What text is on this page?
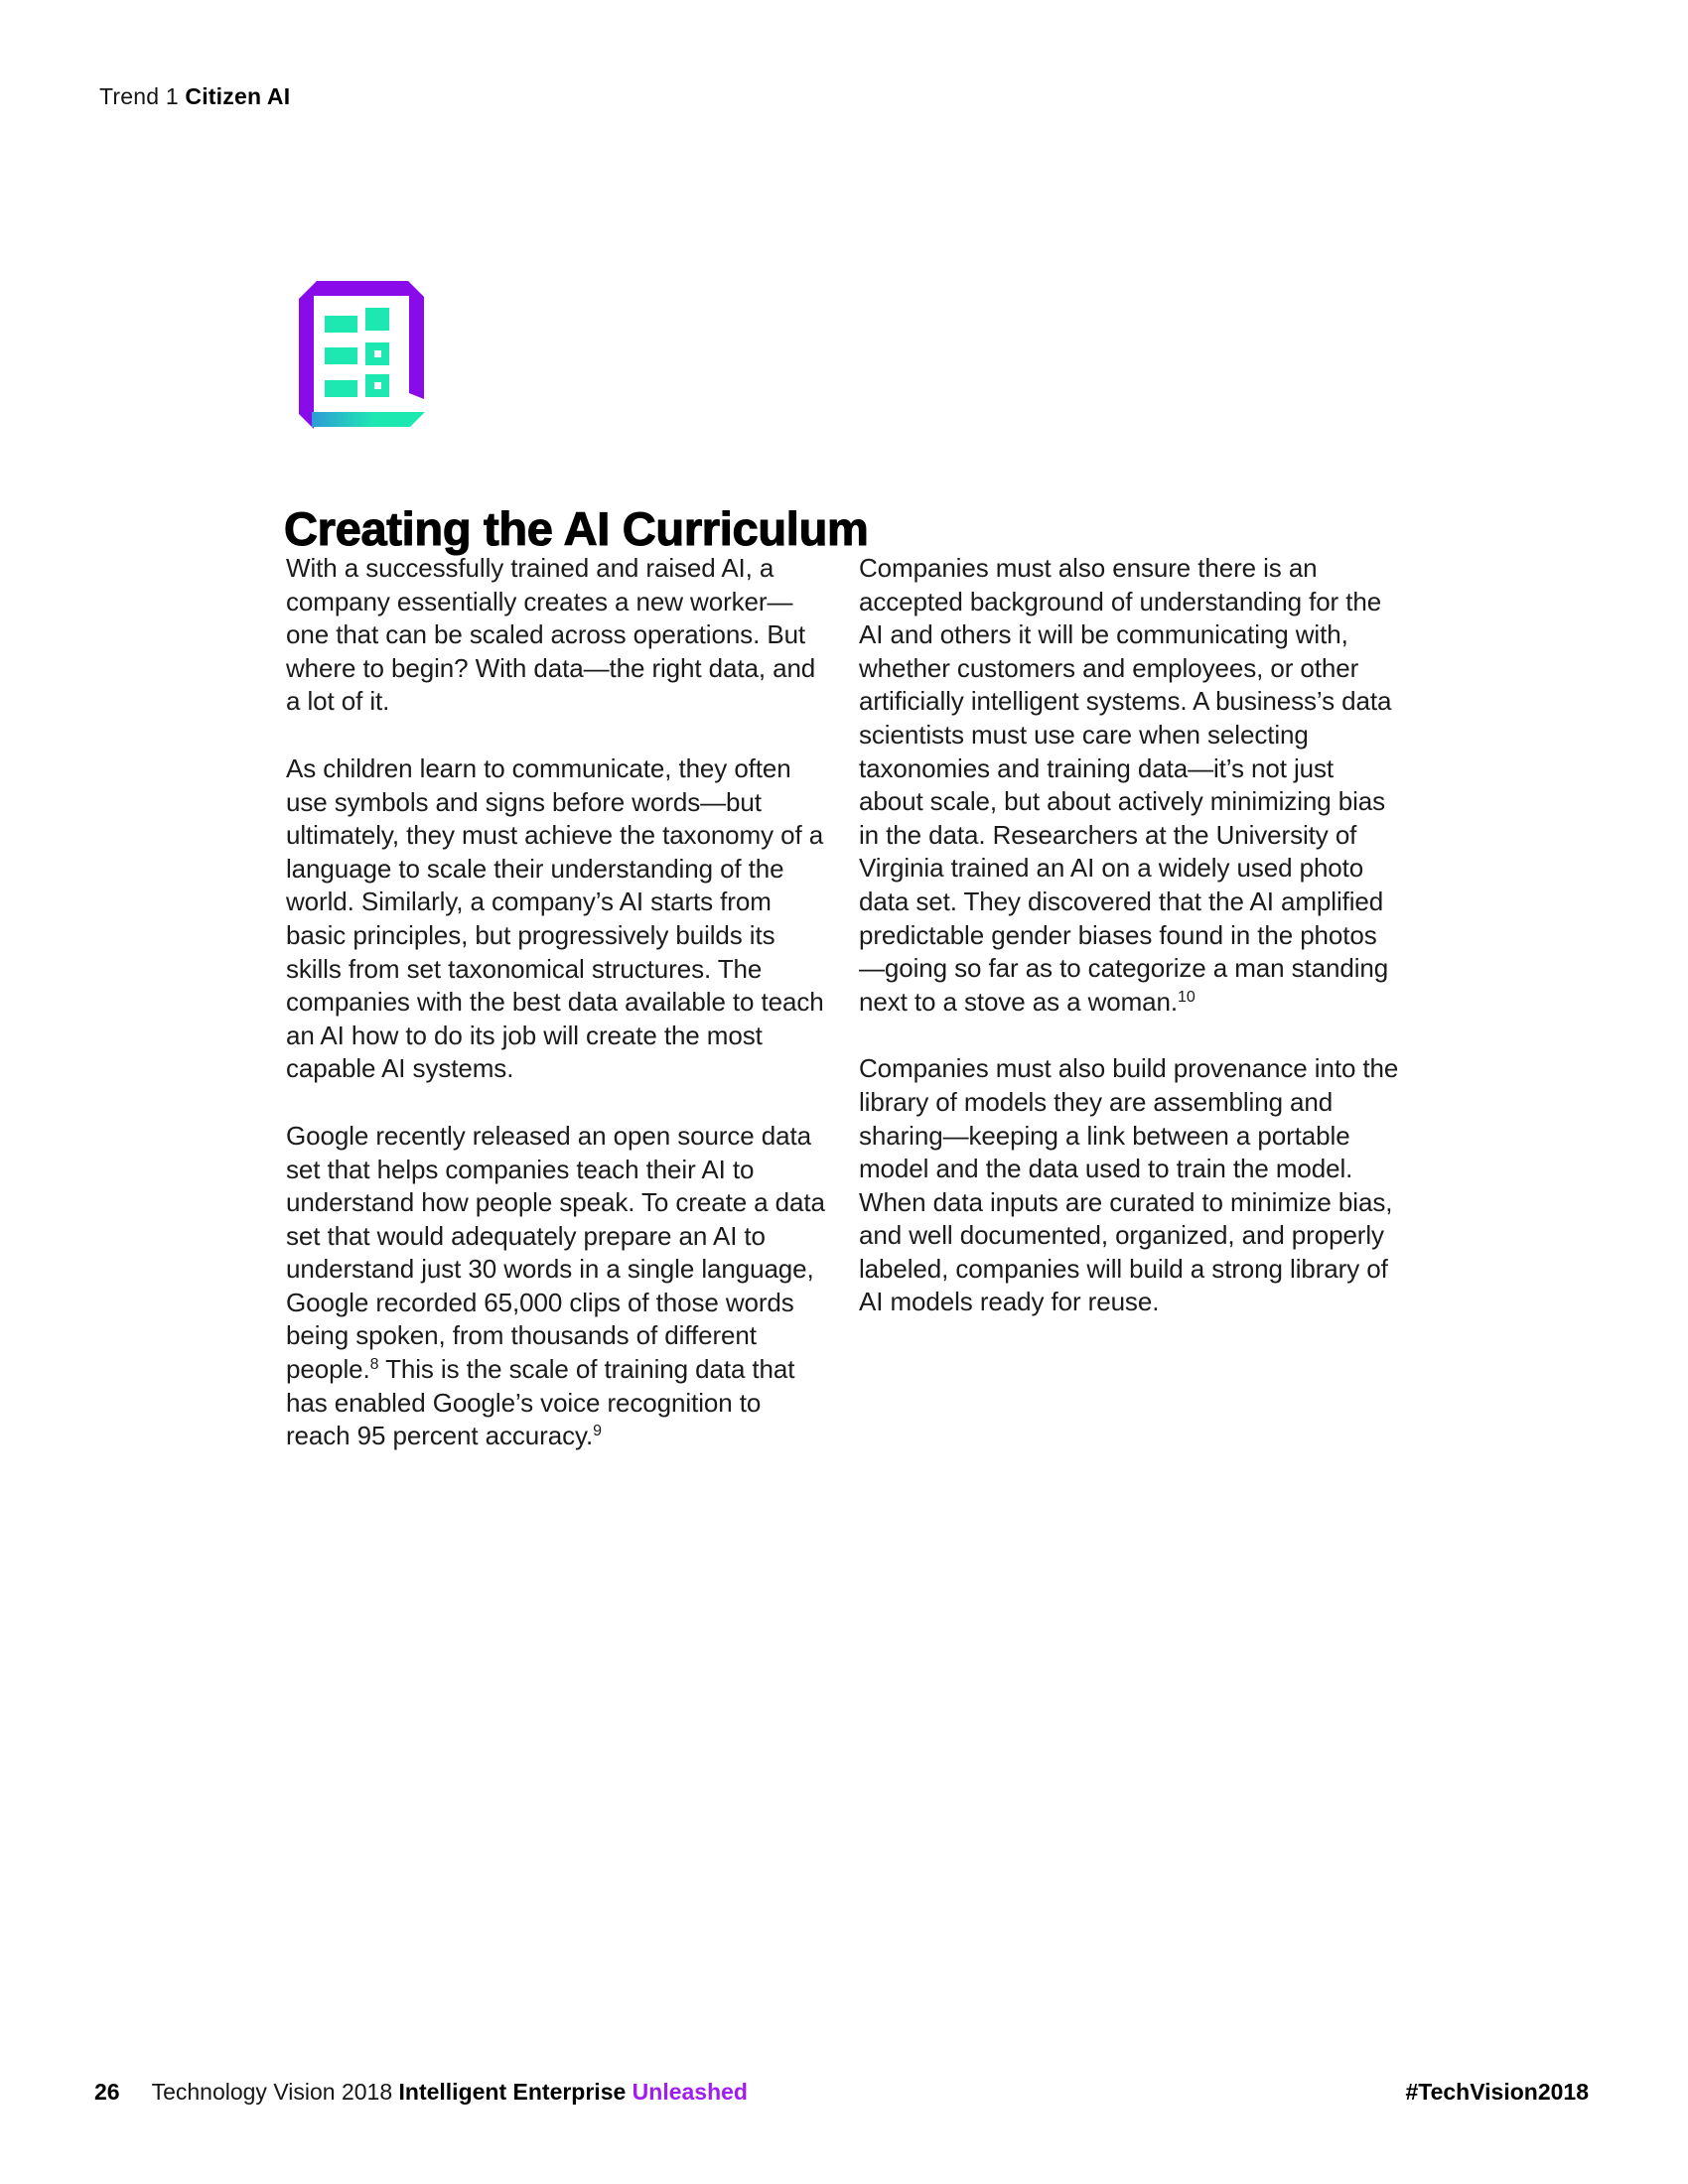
Trend 1 Citizen AI
Creating the AI Curriculum

With a successfully trained and raised AI, a company essentially creates a new worker—one that can be scaled across operations. But where to begin? With data—the right data, and a lot of it.

As children learn to communicate, they often use symbols and signs before words—but ultimately, they must achieve the taxonomy of a language to scale their understanding of the world. Similarly, a company’s AI starts from basic principles, but progressively builds its skills from set taxonomical structures. The companies with the best data available to teach an AI how to do its job will create the most capable AI systems.

Google recently released an open source data set that helps companies teach their AI to understand how people speak. To create a data set that would adequately prepare an AI to understand just 30 words in a single language, Google recorded 65,000 clips of those words being spoken, from thousands of different people.$^8$ This is the scale of training data that has enabled Google’s voice recognition to reach 95 percent accuracy.$^9$

Companies must also ensure there is an accepted background of understanding for the AI and others it will be communicating with, whether customers and employees, or other artificially intelligent systems. A business’s data scientists must use care when selecting taxonomies and training data—it’s not just about scale, but about actively minimizing bias in the data. Researchers at the University of Virginia trained an AI on a widely used photo data set. They discovered that the AI amplified predictable gender biases found in the photos—going so far as to categorize a man standing next to a stove as a woman.$^{10}$

Companies must also build provenance into the library of models they are assembling and sharing—keeping a link between a portable model and the data used to train the model. When data inputs are curated to minimize bias, and well documented, organized, and properly labeled, companies will build a strong library of AI models ready for reuse.

26 Technology Vision 2018 Intelligent Enterprise Unleashed	#TechVision2018
